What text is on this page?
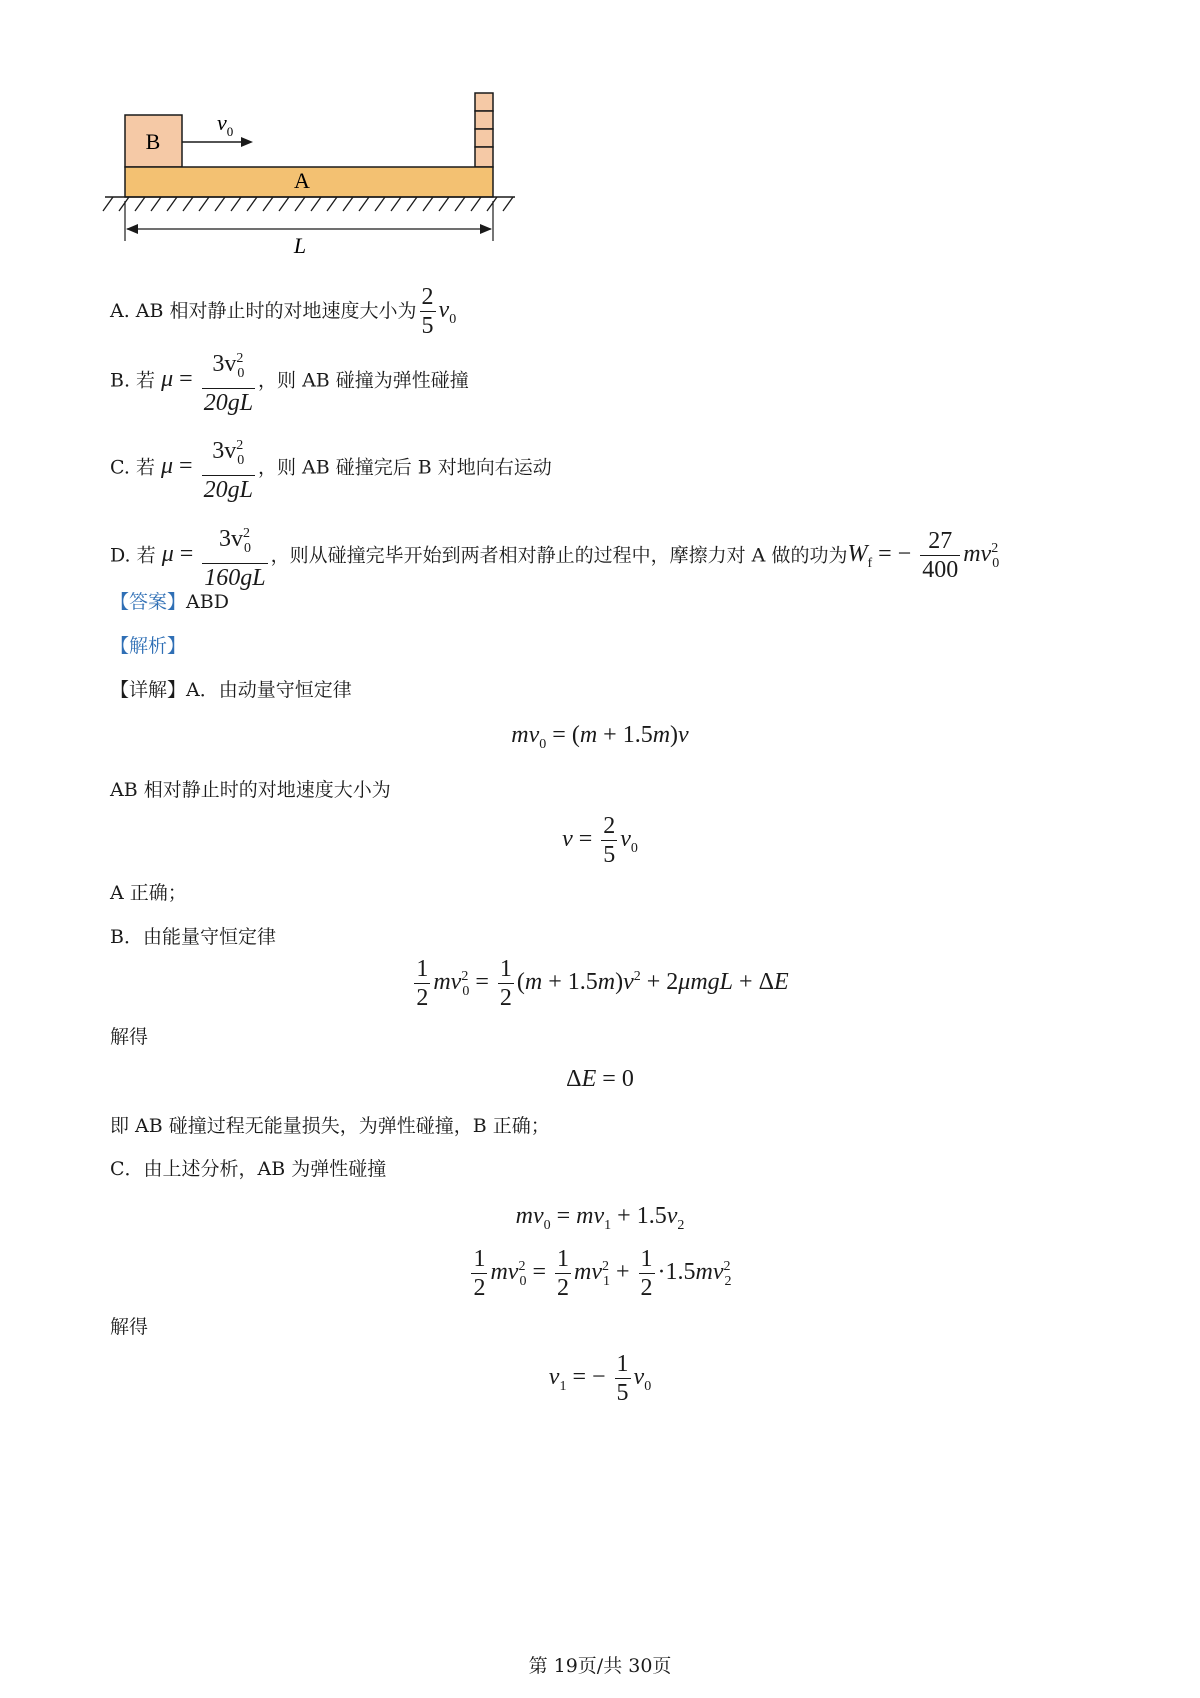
B
$v_0$
A
L
A. AB 相对静止时的对地速度大小为 $\frac{2}{5} v_0$
B. 若 $\mu = \frac{3v^2_0}{20gL}$ ，则 AB 碰撞为弹性碰撞
C. 若 $\mu = \frac{3v^2_0}{20gL}$ ，则 AB 碰撞完后 B 对地向右运动
D. 若 $\mu = \frac{3v^2_0}{160gL}$ ，则从碰撞完毕开始到两者相对静止的过程中，摩擦力对 A 做的功为$W_f$ = − $\frac{27}{400} mv^2_0$
【答案】ABD
【解析】
【详解】A．由动量守恒定律
$mv_0 = (m + 1.5m)v$
AB 相对静止时的对地速度大小为
$v = \frac{2}{5} v_0$
A 正确；
B．由能量守恒定律
$\frac{1}{2} mv^2_0 = \frac{1}{2} (m + 1.5m)v^2 + 2\mu mgL + \Delta E$
解得
ΔE = 0
即 AB 碰撞过程无能量损失，为弹性碰撞，B 正确；
C．由上述分析，AB 为弹性碰撞
$mv_0 = mv_1 + 1.5v_2$
$\frac{1}{2} mv^2_0 = \frac{1}{2} mv^2_1 + \frac{1}{2} \cdot 1.5mv^2_2$
解得
$v_1$ = − $\frac{1}{5} v_0$
第 19页/共 30页
